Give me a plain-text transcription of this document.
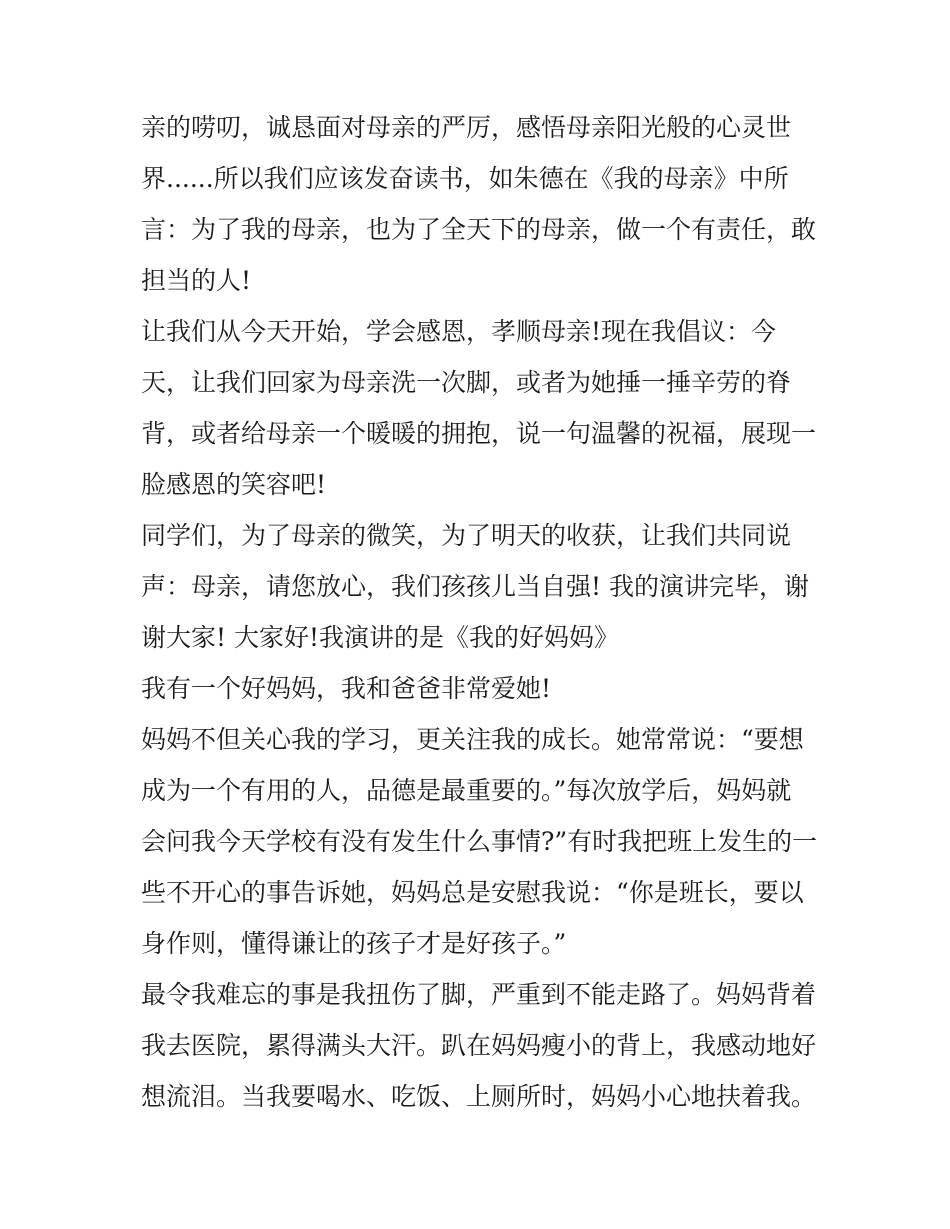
亲的唠叨，诚恳面对母亲的严厉，感悟母亲阳光般的心灵世
界......所以我们应该发奋读书，如朱德在《我的母亲》中所
言：为了我的母亲，也为了全天下的母亲，做一个有责任，敢
担当的人!
让我们从今天开始，学会感恩，孝顺母亲!现在我倡议：今
天，让我们回家为母亲洗一次脚，或者为她捶一捶辛劳的脊
背，或者给母亲一个暖暖的拥抱，说一句温馨的祝福，展现一
脸感恩的笑容吧!
同学们，为了母亲的微笑，为了明天的收获，让我们共同说
声：母亲，请您放心，我们孩孩儿当自强! 我的演讲完毕，谢
谢大家! 大家好!我演讲的是《我的好妈妈》
我有一个好妈妈，我和爸爸非常爱她!
妈妈不但关心我的学习，更关注我的成长。她常常说：“要想
成为一个有用的人，品德是最重要的。”每次放学后，妈妈就
会问我今天学校有没有发生什么事情?”有时我把班上发生的一
些不开心的事告诉她，妈妈总是安慰我说：“你是班长，要以
身作则，懂得谦让的孩子才是好孩子。”
最令我难忘的事是我扭伤了脚，严重到不能走路了。妈妈背着
我去医院，累得满头大汗。趴在妈妈瘦小的背上，我感动地好
想流泪。当我要喝水、吃饭、上厕所时，妈妈小心地扶着我。
